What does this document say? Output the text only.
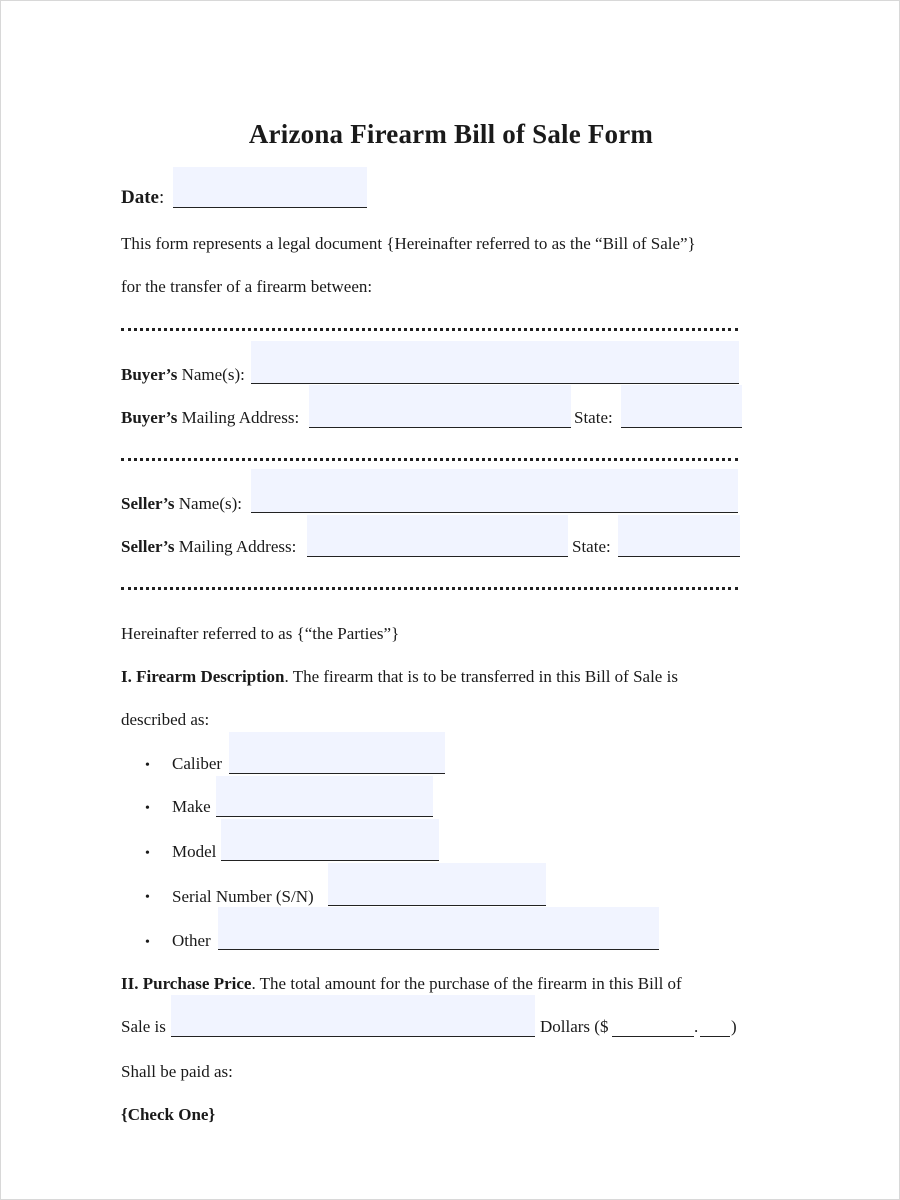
Arizona Firearm Bill of Sale Form
Date:
This form represents a legal document {Hereinafter referred to as the “Bill of Sale”}
for the transfer of a firearm between:
Buyer’s Name(s):
Buyer’s Mailing Address:	State:
Seller’s Name(s):
Seller’s Mailing Address:	State:
Hereinafter referred to as {“the Parties”}
I. Firearm Description. The firearm that is to be transferred in this Bill of Sale is
described as:
• Caliber
• Make
• Model
• Serial Number (S/N)
• Other
II. Purchase Price. The total amount for the purchase of the firearm in this Bill of
Sale is	Dollars ($	. )
Shall be paid as:
{Check One}
